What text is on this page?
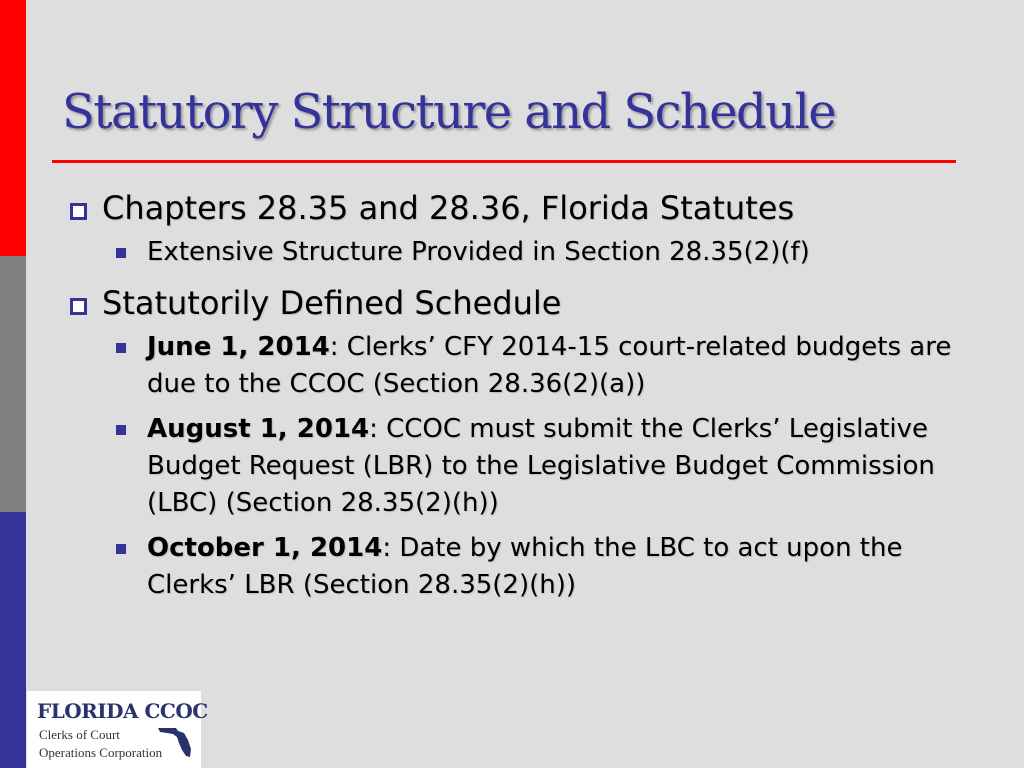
Statutory Structure and Schedule
Chapters 28.35 and 28.36, Florida Statutes
Extensive Structure Provided in Section 28.35(2)(f)
Statutorily Defined Schedule
June 1, 2014: Clerks’ CFY 2014-15 court-related budgets are due to the CCOC (Section 28.36(2)(a))
August 1, 2014: CCOC must submit the Clerks’ Legislative Budget Request (LBR) to the Legislative Budget Commission (LBC) (Section 28.35(2)(h))
October 1, 2014: Date by which the LBC to act upon the Clerks’ LBR (Section 28.35(2)(h))
FLORIDA CCOC
Clerks of Court
Operations Corporation
